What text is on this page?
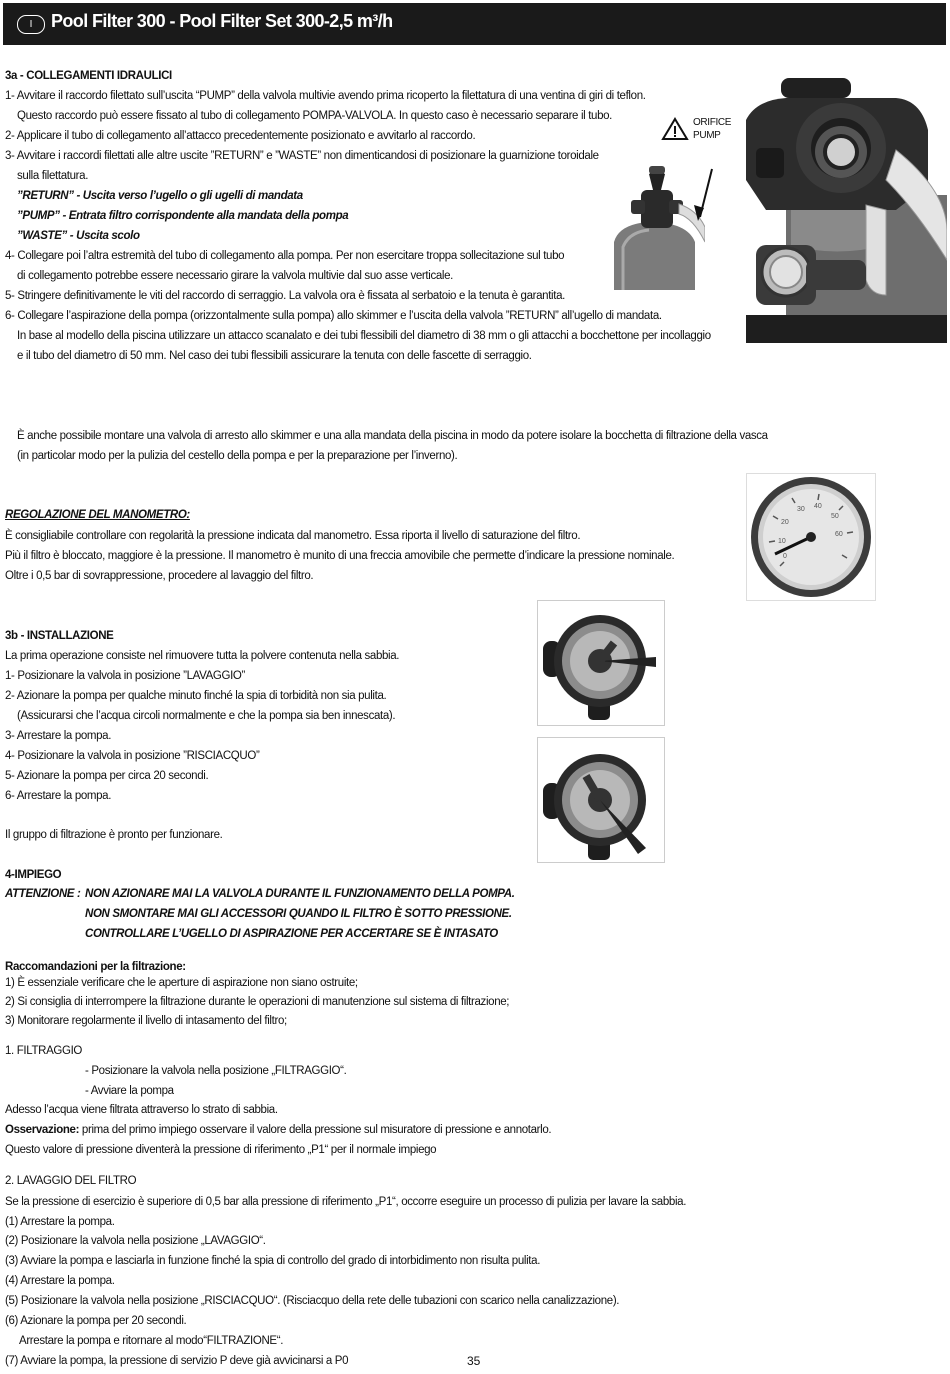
I	Pool Filter 300 - Pool Filter Set 300-2,5 m³/h
3a - COLLEGAMENTI IDRAULICI
1- Avvitare il raccordo filettato sull’uscita “PUMP” della valvola multivie avendo prima ricoperto la filettatura di una ventina di giri di teflon.
Questo raccordo può essere fissato al tubo di collegamento POMPA-VALVOLA. In questo caso è necessario separare il tubo.
2- Applicare il tubo di collegamento all’attacco precedentemente posizionato e avvitarlo al raccordo.
3- Avvitare i raccordi filettati alle altre uscite ”RETURN” e ”WASTE” non dimenticandosi di posizionare la guarnizione toroidale
sulla filettatura.
”RETURN” - Uscita verso l’ugello o gli ugelli di mandata
”PUMP” - Entrata filtro corrispondente alla mandata della pompa
”WASTE” - Uscita scolo
4- Collegare poi l’altra estremità del tubo di collegamento alla pompa. Per non esercitare troppa sollecitazione sul tubo
di collegamento potrebbe essere necessario girare la valvola multivie dal suo asse verticale.
5- Stringere definitivamente le viti del raccordo di serraggio. La valvola ora è fissata al serbatoio e la tenuta è garantita.
6- Collegare l’aspirazione della pompa (orizzontalmente sulla pompa) allo skimmer e l’uscita della valvola ”RETURN” all’ugello di mandata.
In base al modello della piscina utilizzare un attacco scanalato e dei tubi flessibili del diametro di 38 mm o gli attacchi a bocchettone per incollaggio
e il tubo del diametro di 50 mm. Nel caso dei tubi flessibili assicurare la tenuta con delle fascette di serraggio.
ORIFICE
PUMP
È anche possibile montare una valvola di arresto allo skimmer e una alla mandata della piscina in modo da potere isolare la bocchetta di filtrazione della vasca
(in particolar modo per la pulizia del cestello della pompa e per la preparazione per l’inverno).
REGOLAZIONE DEL MANOMETRO:
È consigliabile controllare con regolarità la pressione indicata dal manometro. Essa riporta il livello di saturazione del filtro.
Più il filtro è bloccato, maggiore è la pressione. Il manometro è munito di una freccia amovibile che permette d’indicare la pressione nominale.
Oltre i 0,5 bar di sovrappressione, procedere al lavaggio del filtro.
0
10
20
30 40
50
60
3b - INSTALLAZIONE
La prima operazione consiste nel rimuovere tutta la polvere contenuta nella sabbia.
1- Posizionare la valvola in posizione ”LAVAGGIO”
2- Azionare la pompa per qualche minuto finché la spia di torbidità non sia pulita.
(Assicurarsi che l’acqua circoli normalmente e che la pompa sia ben innescata).
3- Arrestare la pompa.
4- Posizionare la valvola in posizione ”RISCIACQUO”
5- Azionare la pompa per circa 20 secondi.
6- Arrestare la pompa.
Il gruppo di filtrazione è pronto per funzionare.
4-IMPIEGO
ATTENZIONE : NON AZIONARE MAI LA VALVOLA DURANTE IL FUNZIONAMENTO DELLA POMPA.
NON SMONTARE MAI GLI ACCESSORI QUANDO IL FILTRO È SOTTO PRESSIONE.
CONTROLLARE L’UGELLO DI ASPIRAZIONE PER ACCERTARE SE È INTASATO
Raccomandazioni per la filtrazione:
1) È essenziale verificare che le aperture di aspirazione non siano ostruite;
2) Si consiglia di interrompere la filtrazione durante le operazioni di manutenzione sul sistema di filtrazione;
3) Monitorare regolarmente il livello di intasamento del filtro;
1. FILTRAGGIO
- Posizionare la valvola nella posizione „FILTRAGGIO“.
- Avviare la pompa
Adesso l’acqua viene filtrata attraverso lo strato di sabbia.
Osservazione: prima del primo impiego osservare il valore della pressione sul misuratore di pressione e annotarlo.
Questo valore di pressione diventerà la pressione di riferimento „P1“ per il normale impiego
2. LAVAGGIO DEL FILTRO
Se la pressione di esercizio è superiore di 0,5 bar alla pressione di riferimento „P1“, occorre eseguire un processo di pulizia per lavare la sabbia.
(1) Arrestare la pompa.
(2) Posizionare la valvola nella posizione „LAVAGGIO“.
(3) Avviare la pompa e lasciarla in funzione finché la spia di controllo del grado di intorbidimento non risulta pulita.
(4) Arrestare la pompa.
(5) Posizionare la valvola nella posizione „RISCIACQUO“. (Risciacquo della rete delle tubazioni con scarico nella canalizzazione).
(6) Azionare la pompa per 20 secondi.
Arrestare la pompa e ritornare al modo“FILTRAZIONE“.
(7) Avviare la pompa, la pressione di servizio P deve già avvicinarsi a P0	35
